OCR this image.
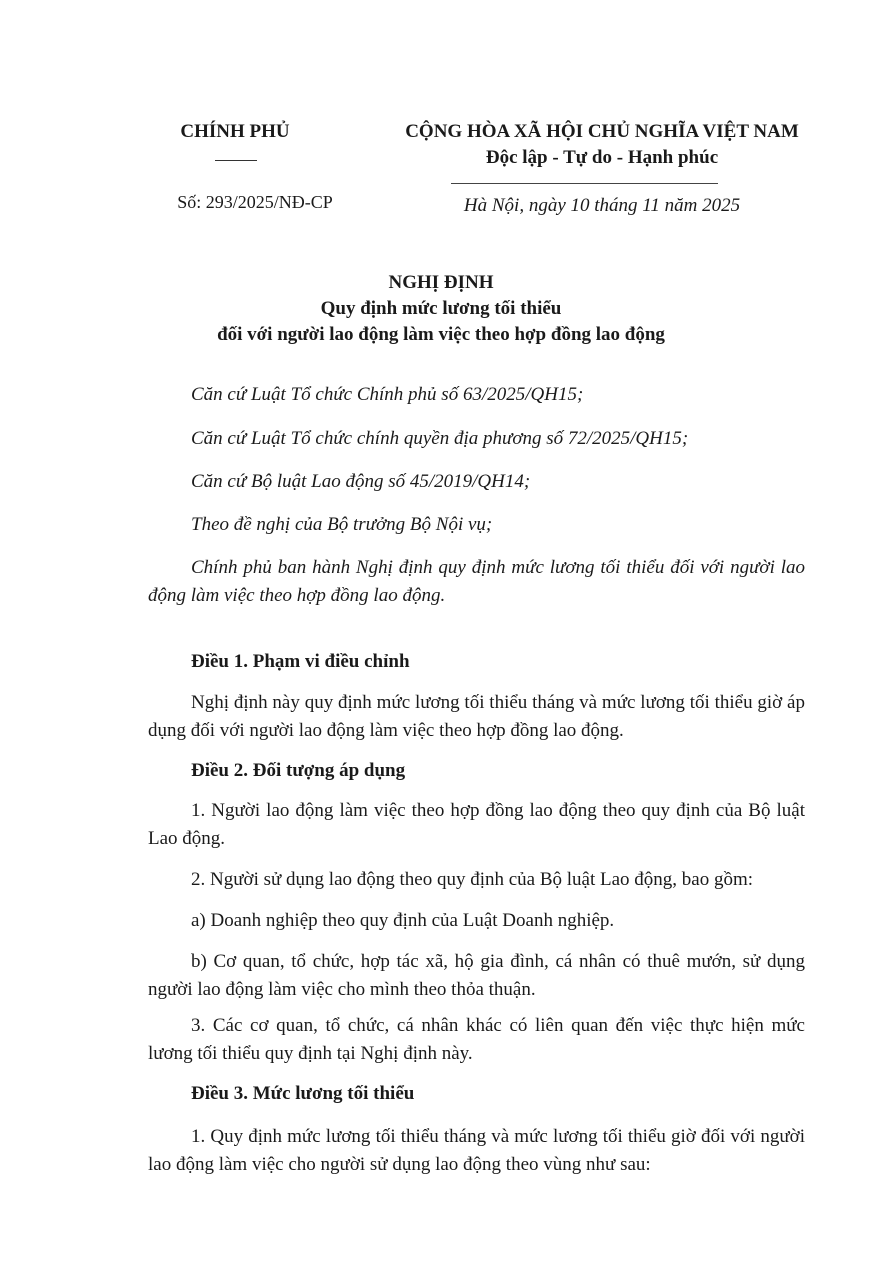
CHÍNH PHỦ
Số: 293/2025/NĐ-CP
CỘNG HÒA XÃ HỘI CHỦ NGHĨA VIỆT NAM
Độc lập - Tự do - Hạnh phúc
Hà Nội, ngày 10 tháng 11 năm 2025
NGHỊ ĐỊNH
Quy định mức lương tối thiểu
đối với người lao động làm việc theo hợp đồng lao động
Căn cứ Luật Tổ chức Chính phủ số 63/2025/QH15;
Căn cứ Luật Tổ chức chính quyền địa phương số 72/2025/QH15;
Căn cứ Bộ luật Lao động số 45/2019/QH14;
Theo đề nghị của Bộ trưởng Bộ Nội vụ;
Chính phủ ban hành Nghị định quy định mức lương tối thiểu đối với người lao động làm việc theo hợp đồng lao động.
Điều 1. Phạm vi điều chỉnh
Nghị định này quy định mức lương tối thiểu tháng và mức lương tối thiểu giờ áp dụng đối với người lao động làm việc theo hợp đồng lao động.
Điều 2. Đối tượng áp dụng
1. Người lao động làm việc theo hợp đồng lao động theo quy định của Bộ luật Lao động.
2. Người sử dụng lao động theo quy định của Bộ luật Lao động, bao gồm:
a) Doanh nghiệp theo quy định của Luật Doanh nghiệp.
b) Cơ quan, tổ chức, hợp tác xã, hộ gia đình, cá nhân có thuê mướn, sử dụng người lao động làm việc cho mình theo thỏa thuận.
3. Các cơ quan, tổ chức, cá nhân khác có liên quan đến việc thực hiện mức lương tối thiểu quy định tại Nghị định này.
Điều 3. Mức lương tối thiểu
1. Quy định mức lương tối thiểu tháng và mức lương tối thiểu giờ đối với người lao động làm việc cho người sử dụng lao động theo vùng như sau:
